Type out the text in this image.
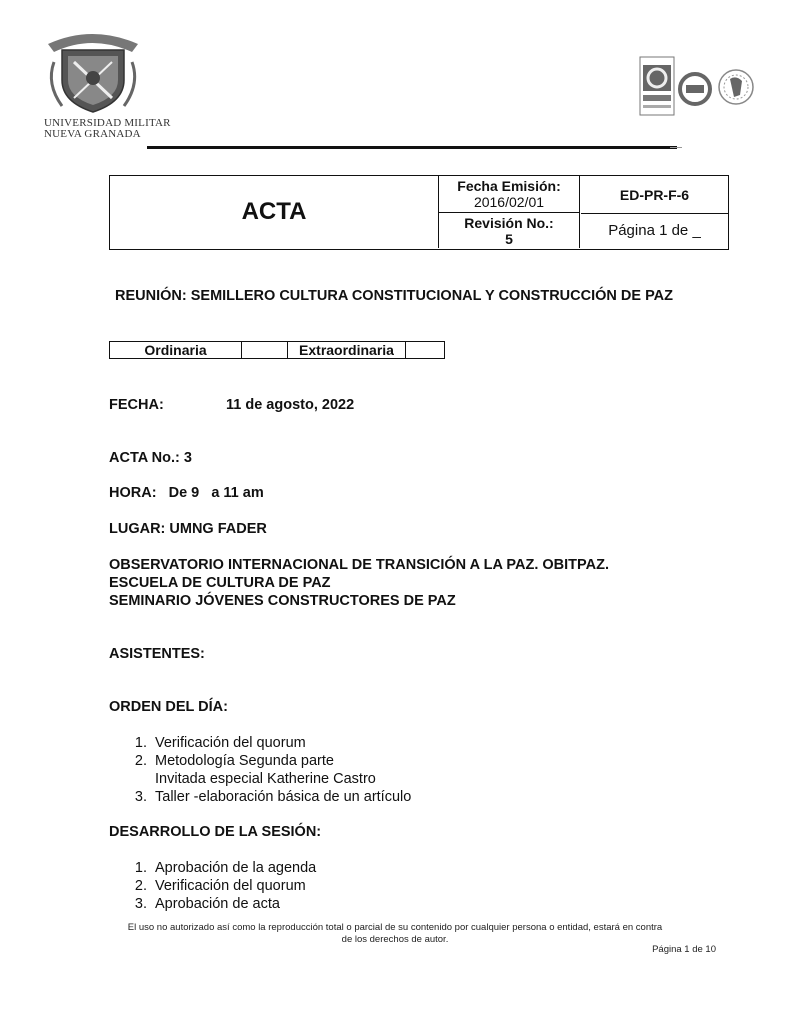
UNIVERSIDAD MILITAR
NUEVA GRANADA
ACTA
Fecha Emisión:
2016/02/01
Revisión No.:
5
ED-PR-F-6
Página 1 de _
REUNIÓN: SEMILLERO CULTURA CONSTITUCIONAL Y CONSTRUCCIÓN DE PAZ
Ordinaria	Extraordinaria
FECHA:	11 de agosto, 2022
ACTA No.: 3
HORA:   De 9   a 11 am
LUGAR: UMNG FADER
OBSERVATORIO INTERNACIONAL DE TRANSICIÓN A LA PAZ. OBITPAZ.
ESCUELA DE CULTURA DE PAZ
SEMINARIO JÓVENES CONSTRUCTORES DE PAZ
ASISTENTES:
ORDEN DEL DÍA:
1. Verificación del quorum
2. Metodología Segunda parte
Invitada especial Katherine Castro
3. Taller -elaboración básica de un artículo
DESARROLLO DE LA SESIÓN:
1. Aprobación de la agenda
2. Verificación del quorum
3. Aprobación de acta
El uso no autorizado así como la reproducción total o parcial de su contenido por cualquier persona o entidad, estará en contra
de los derechos de autor.
Página 1 de 10
